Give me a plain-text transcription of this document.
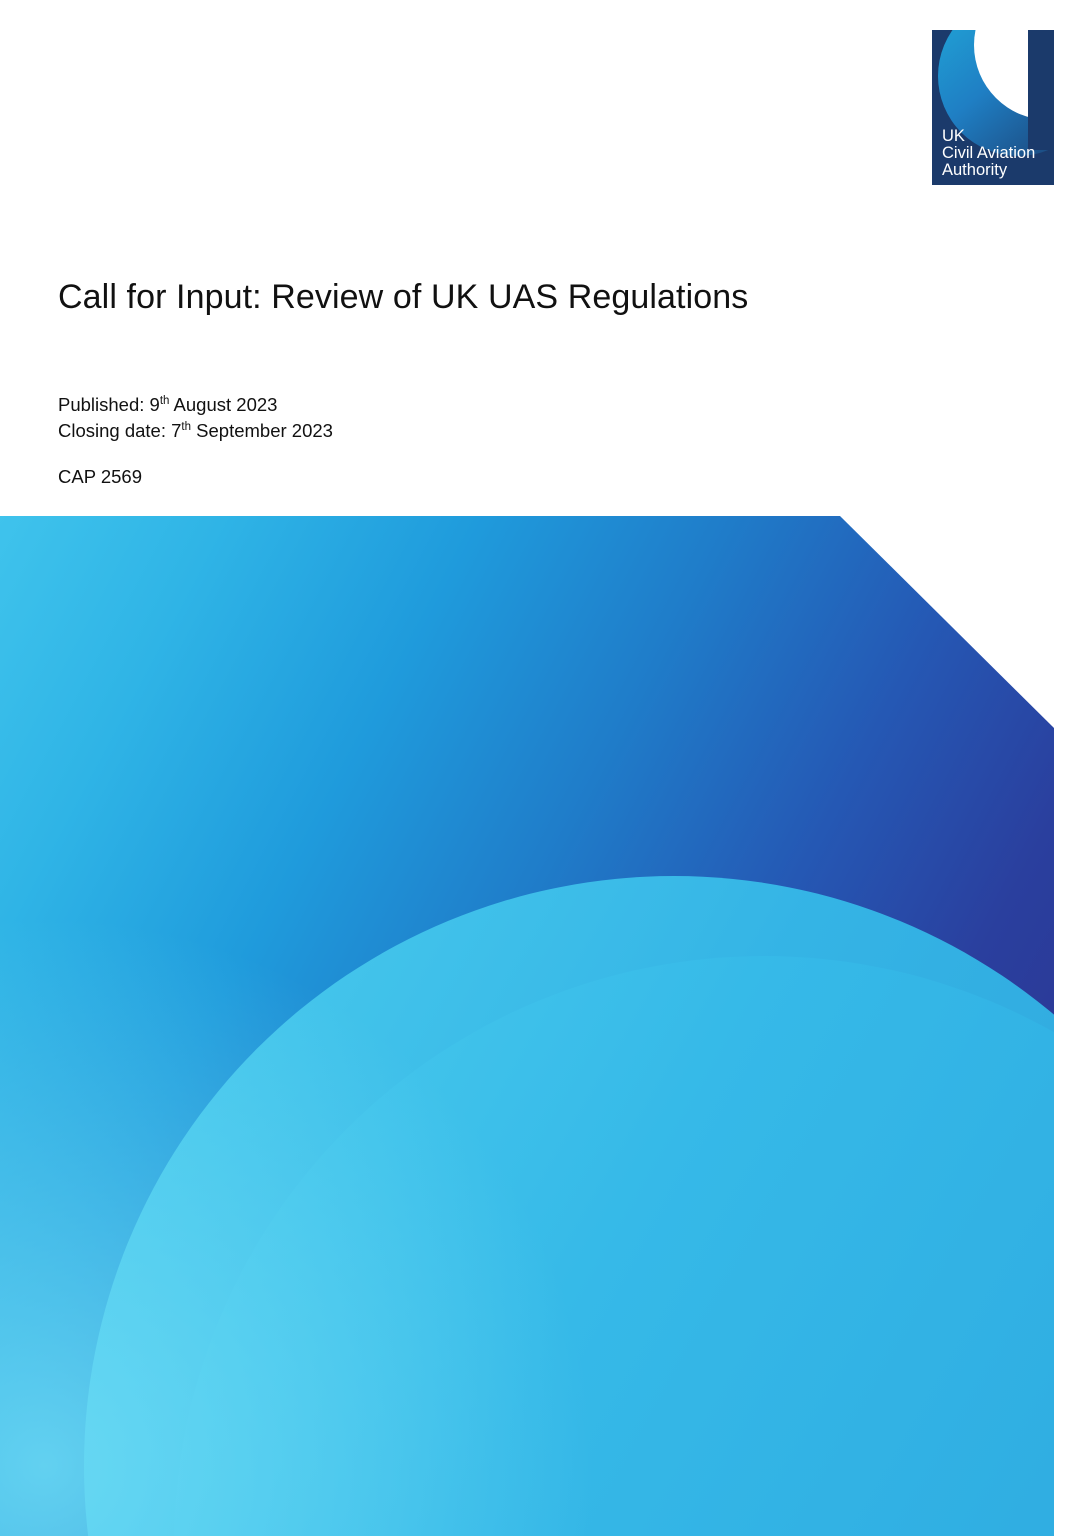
UK
Civil Aviation
Authority
Call for Input: Review of UK UAS Regulations
Published: 9th August 2023
Closing date: 7th September 2023
CAP 2569
